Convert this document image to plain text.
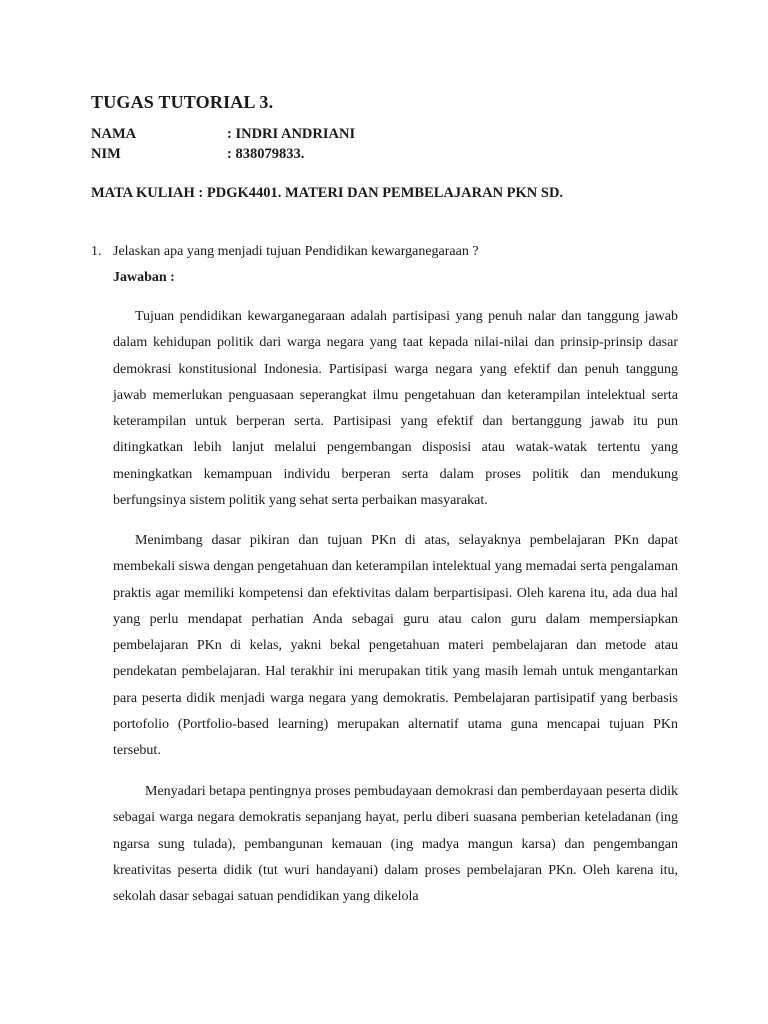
TUGAS TUTORIAL 3.
NAMA	: INDRI ANDRIANI
NIM	: 838079833.
MATA KULIAH : PDGK4401. MATERI DAN PEMBELAJARAN PKN SD.
1. Jelaskan apa yang menjadi tujuan Pendidikan kewarganegaraan ?
Jawaban :

Tujuan pendidikan kewarganegaraan adalah partisipasi yang penuh nalar dan tanggung jawab dalam kehidupan politik dari warga negara yang taat kepada nilai-nilai dan prinsip-prinsip dasar demokrasi konstitusional Indonesia. Partisipasi warga negara yang efektif dan penuh tanggung jawab memerlukan penguasaan seperangkat ilmu pengetahuan dan keterampilan intelektual serta keterampilan untuk berperan serta. Partisipasi yang efektif dan bertanggung jawab itu pun ditingkatkan lebih lanjut melalui pengembangan disposisi atau watak-watak tertentu yang meningkatkan kemampuan individu berperan serta dalam proses politik dan mendukung berfungsinya sistem politik yang sehat serta perbaikan masyarakat.

Menimbang dasar pikiran dan tujuan PKn di atas, selayaknya pembelajaran PKn dapat membekali siswa dengan pengetahuan dan keterampilan intelektual yang memadai serta pengalaman praktis agar memiliki kompetensi dan efektivitas dalam berpartisipasi. Oleh karena itu, ada dua hal yang perlu mendapat perhatian Anda sebagai guru atau calon guru dalam mempersiapkan pembelajaran PKn di kelas, yakni bekal pengetahuan materi pembelajaran dan metode atau pendekatan pembelajaran. Hal terakhir ini merupakan titik yang masih lemah untuk mengantarkan para peserta didik menjadi warga negara yang demokratis. Pembelajaran partisipatif yang berbasis portofolio (Portfolio-based learning) merupakan alternatif utama guna mencapai tujuan PKn tersebut.

Menyadari betapa pentingnya proses pembudayaan demokrasi dan pemberdayaan peserta didik sebagai warga negara demokratis sepanjang hayat, perlu diberi suasana pemberian keteladanan (ing ngarsa sung tulada), pembangunan kemauan (ing madya mangun karsa) dan pengembangan kreativitas peserta didik (tut wuri handayani) dalam proses pembelajaran PKn. Oleh karena itu, sekolah dasar sebagai satuan pendidikan yang dikelola
